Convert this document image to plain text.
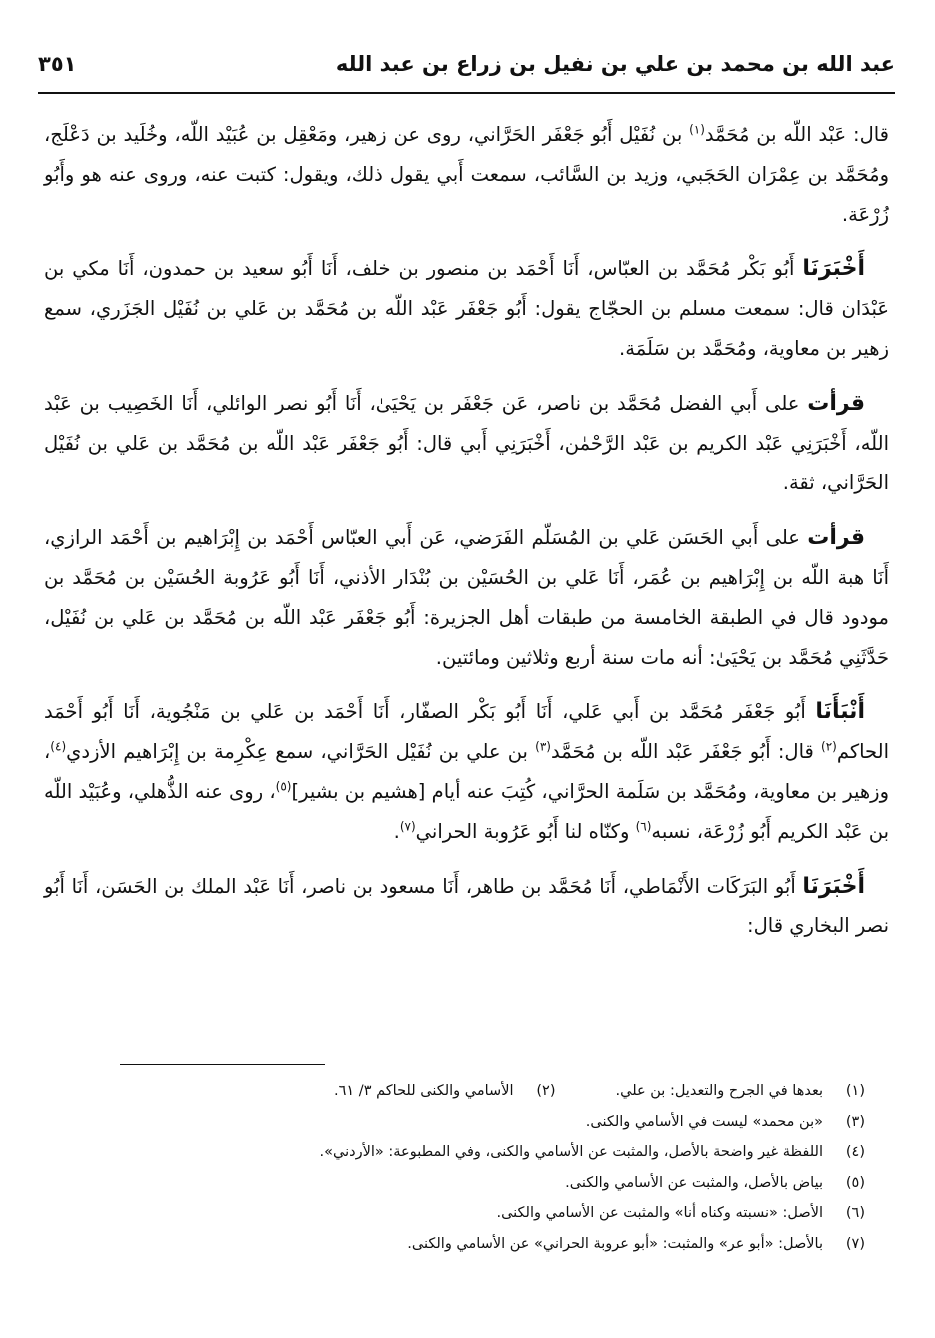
عبد الله بن محمد بن علي بن نفيل بن زراع بن عبد الله
٣٥١

قال: عَبْد اللّه بن مُحَمَّد$^{(١)}$ بن نُفَيْل أَبُو جَعْفَر الحَرَّاني، روى عن زهير، ومَعْقِل بن عُبَيْد اللّه، وخُلَيد بن دَعْلَج، ومُحَمَّد بن عِمْرَان الحَجَبي، وزيد بن السَّائب، سمعت أَبي يقول ذلك، ويقول: كتبت عنه، وروى عنه هو وأَبُو زُرْعَة.

أَخْبَرَنَا أَبُو بَكْر مُحَمَّد بن العبّاس، أَنَا أَحْمَد بن منصور بن خلف، أَنَا أَبُو سعيد بن حمدون، أَنَا مكي بن عَبْدَان قال: سمعت مسلم بن الحجّاج يقول: أَبُو جَعْفَر عَبْد اللّه بن مُحَمَّد بن عَلي بن نُفَيْل الجَزَري، سمع زهير بن معاوية، ومُحَمَّد بن سَلَمَة.

قرأت على أَبي الفضل مُحَمَّد بن ناصر، عَن جَعْفَر بن يَحْيَىٰ، أَنَا أَبُو نصر الوائلي، أَنَا الخَصِيب بن عَبْد اللّه، أَخْبَرَنِي عَبْد الكريم بن عَبْد الرَّحْمٰن، أَخْبَرَنِي أَبي قال: أَبُو جَعْفَر عَبْد اللّه بن مُحَمَّد بن عَلي بن نُفَيْل الحَرَّاني، ثقة.

قرأت على أَبي الحَسَن عَلي بن المُسَلّم الفَرَضي، عَن أَبي العبّاس أَحْمَد بن إِبْرَاهيم بن أَحْمَد الرازي، أَنَا هبة اللّه بن إِبْرَاهيم بن عُمَر، أَنَا عَلي بن الحُسَيْن بن بُنْدَار الأذني، أَنَا أَبُو عَرُوبة الحُسَيْن بن مُحَمَّد بن مودود قال في الطبقة الخامسة من طبقات أهل الجزيرة: أَبُو جَعْفَر عَبْد اللّه بن مُحَمَّد بن عَلي بن نُفَيْل، حَدَّثَنِي مُحَمَّد بن يَحْيَىٰ: أنه مات سنة أربع وثلاثين ومائتين.

أَنْبَأَنَا أَبُو جَعْفَر مُحَمَّد بن أَبي عَلي، أَنَا أَبُو بَكْر الصفّار، أَنَا أَحْمَد بن عَلي بن مَنْجُوية، أَنَا أَبُو أَحْمَد الحاكم$^{(٢)}$ قال: أَبُو جَعْفَر عَبْد اللّه بن مُحَمَّد$^{(٣)}$ بن علي بن نُفَيْل الحَرَّاني، سمع عِكْرِمة بن إِبْرَاهيم الأزدي$^{(٤)}$، وزهير بن معاوية، ومُحَمَّد بن سَلَمة الحرَّاني، كُتِبَ عنه أيام [هشيم بن بشير]$^{(٥)}$، روى عنه الذُّهلي، وعُبَيْد اللّه بن عَبْد الكريم أَبُو زُرْعَة، نسبه$^{(٦)}$ وكنّاه لنا أَبُو عَرُوبة الحراني$^{(٧)}$.

أَخْبَرَنَا أَبُو البَرَكَات الأَنْمَاطي، أَنَا مُحَمَّد بن طاهر، أَنَا مسعود بن ناصر، أَنَا عَبْد الملك بن الحَسَن، أَنَا أَبُو نصر البخاري قال:

(١)
بعدها في الجرح والتعديل: بن علي.
(٢)
الأسامي والكنى للحاكم ٣/ ٦١.
(٣)
«بن محمد» ليست في الأسامي والكنى.
(٤)
اللفظة غير واضحة بالأصل، والمثبت عن الأسامي والكنى، وفي المطبوعة: «الأردني».
(٥)
بياض بالأصل، والمثبت عن الأسامي والكنى.
(٦)
الأصل: «نسبته وكناه أنا» والمثبت عن الأسامي والكنى.
(٧)
بالأصل: «أبو عر» والمثبت: «أبو عروبة الحراني» عن الأسامي والكنى.
